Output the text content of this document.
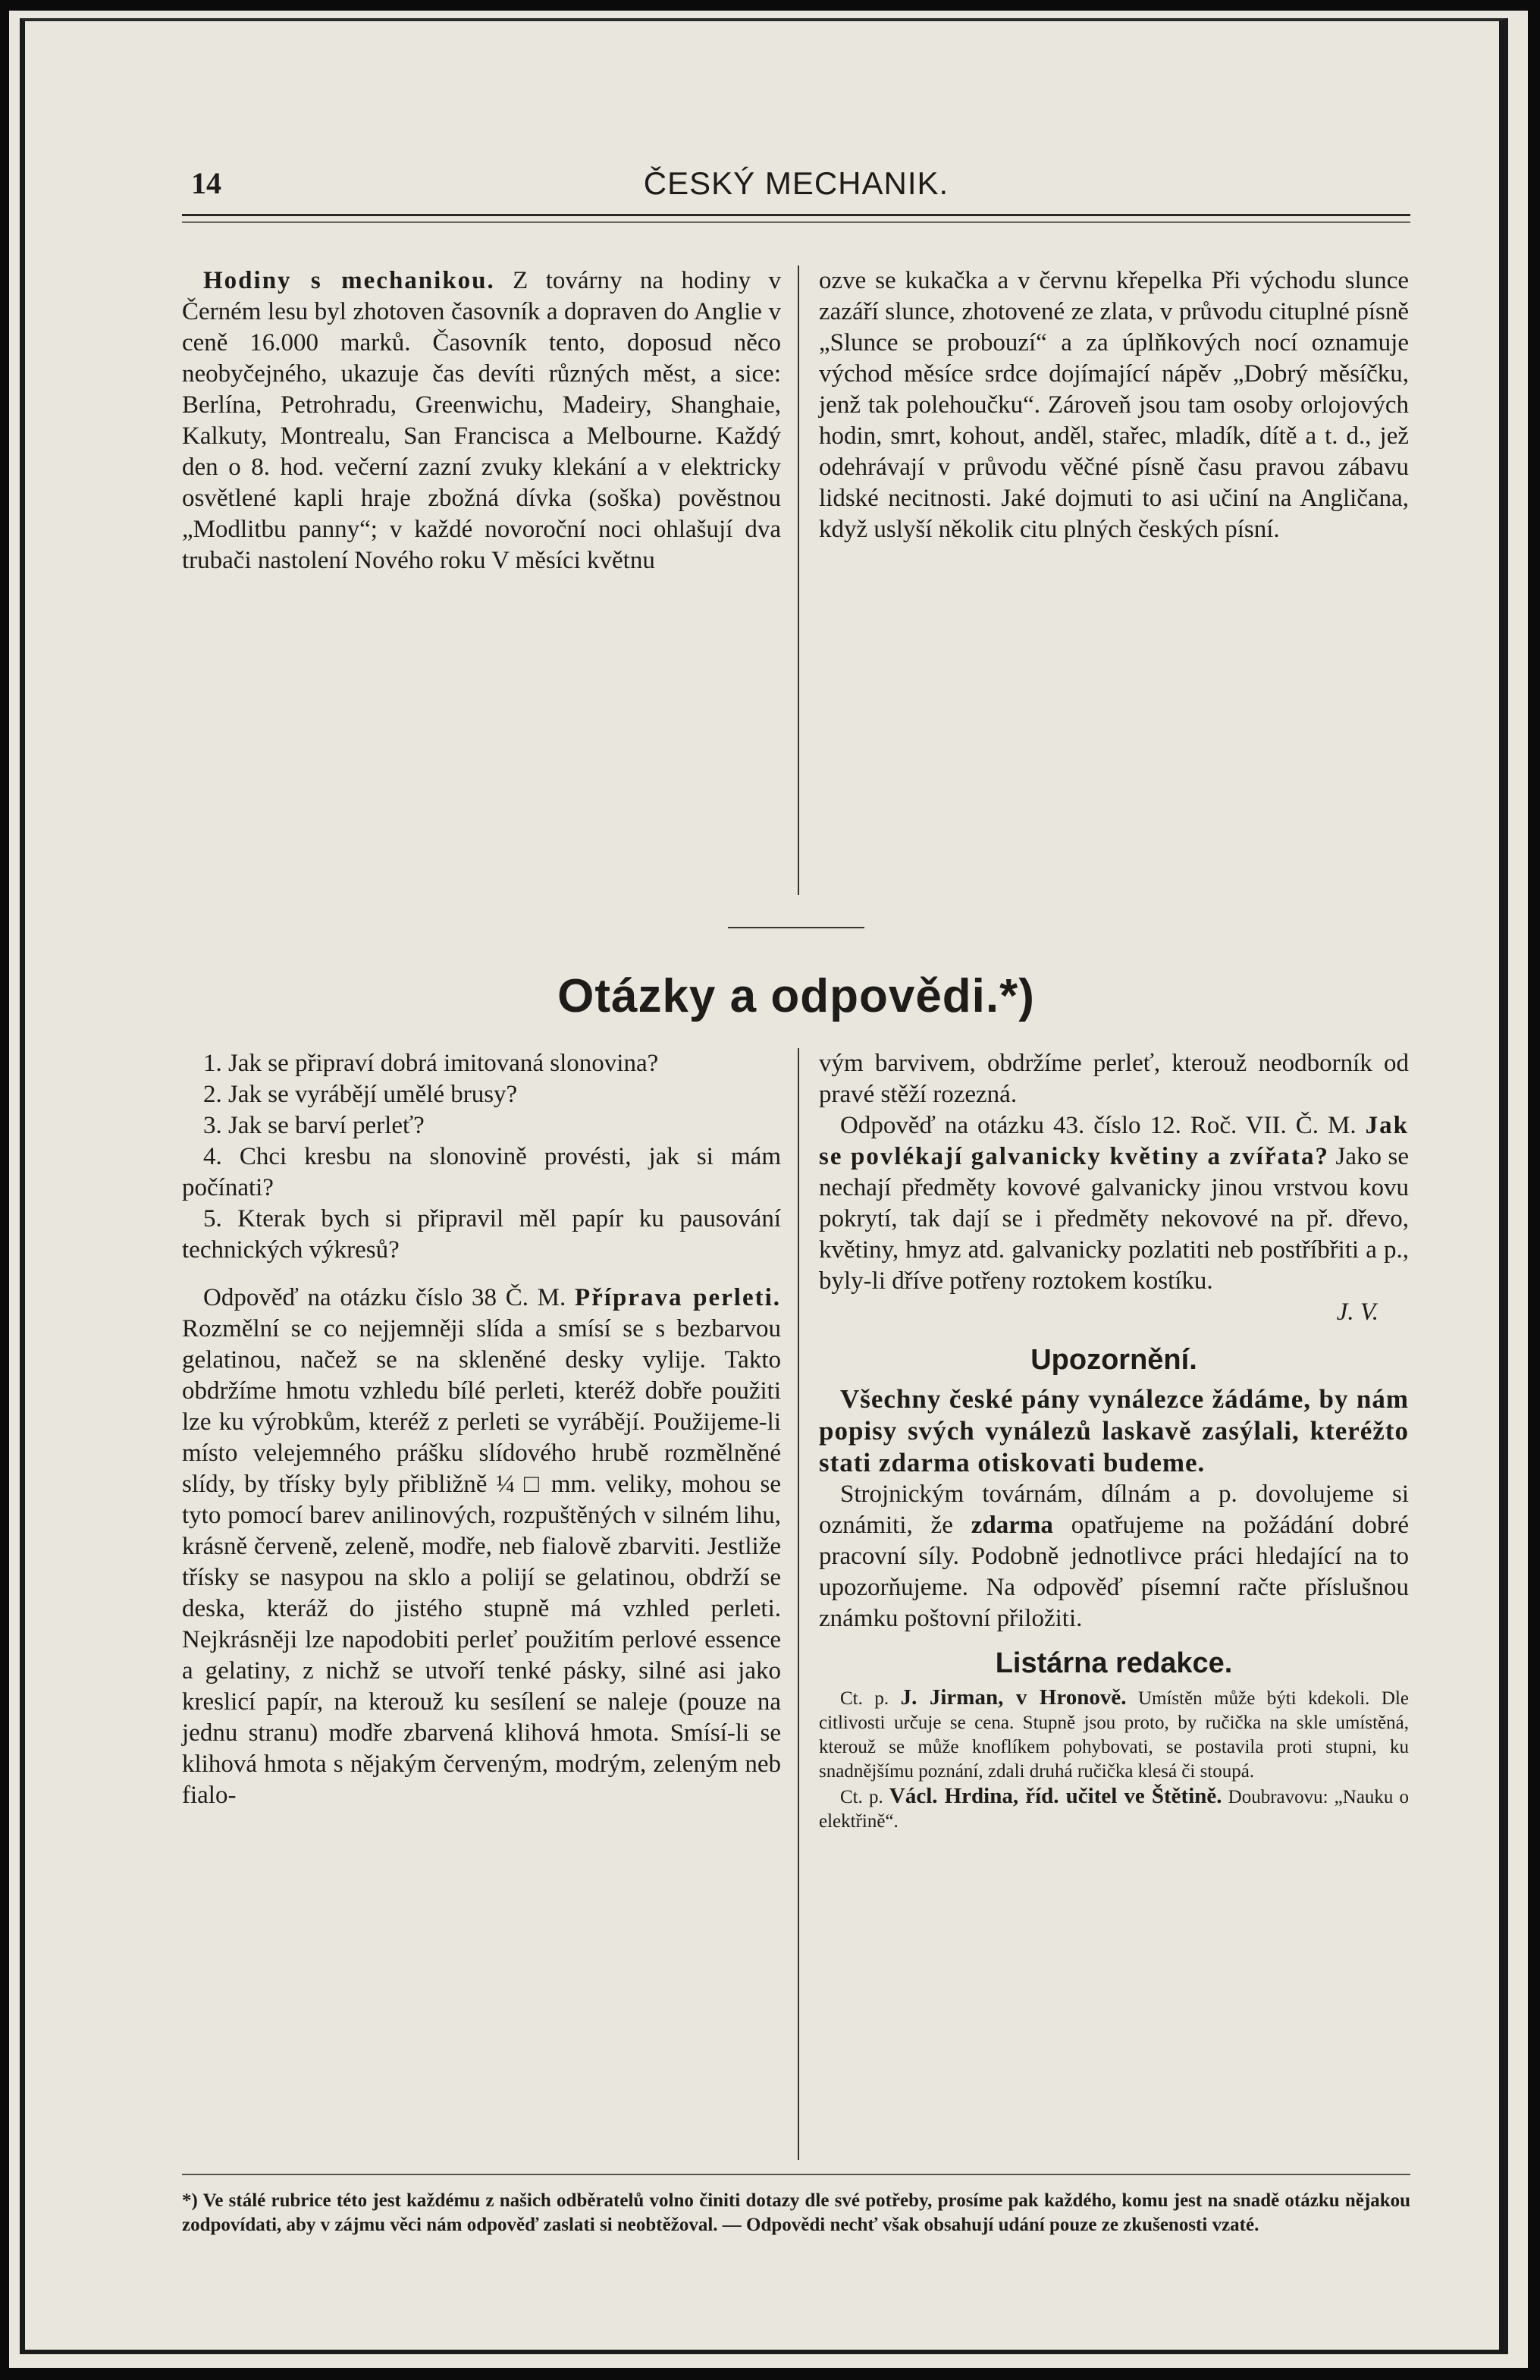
14	ČESKÝ MECHANIK.

Hodiny s mechanikou. Z továrny na hodiny v Černém lesu byl zhotoven časovník a dopraven do Anglie v ceně 16.000 marků. Časovník tento, doposud něco neobyčejného, ukazuje čas devíti různých měst, a sice: Berlína, Petrohradu, Greenwichu, Madeiry, Shanghaie, Kalkuty, Montrealu, San Francisca a Melbourne. Každý den o 8. hod. večerní zazní zvuky klekání a v elektricky osvětlené kapli hraje zbožná dívka (soška) pověstnou „Modlitbu panny“; v každé novoroční noci ohlašují dva trubači nastolení Nového roku V měsíci květnu

ozve se kukačka a v červnu křepelka Při východu slunce zazáří slunce, zhotovené ze zlata, v průvodu cituplné písně „Slunce se probouzí“ a za úplňkových nocí oznamuje východ měsíce srdce dojímající nápěv „Dobrý měsíčku, jenž tak polehoučku“. Zároveň jsou tam osoby orlojových hodin, smrt, kohout, anděl, stařec, mladík, dítě a t. d., jež odehrávají v průvodu věčné písně času pravou zábavu lidské necitnosti. Jaké dojmuti to asi učiní na Angličana, když uslyší několik citu plných českých písní.

Otázky a odpovědi.*)

1. Jak se připraví dobrá imitovaná slonovina?

2. Jak se vyrábějí umělé brusy?

3. Jak se barví perleť?

4. Chci kresbu na slonovině provésti, jak si mám počínati?

5. Kterak bych si připravil měl papír ku pausování technických výkresů?

Odpověď na otázku číslo 38 Č. M. Příprava perleti. Rozmělní se co nejjemněji slída a smísí se s bezbarvou gelatinou, načež se na skleněné desky vylije. Takto obdržíme hmotu vzhledu bílé perleti, kteréž dobře použiti lze ku výrobkům, kteréž z perleti se vyrábějí. Použijeme-li místo velejemného prášku slídového hrubě rozmělněné slídy, by třísky byly přibližně ¼ □ mm. veliky, mohou se tyto pomocí barev anilinových, rozpuštěných v silném lihu, krásně červeně, zeleně, modře, neb fialově zbarviti. Jestliže třísky se nasypou na sklo a polijí se gelatinou, obdrží se deska, kteráž do jistého stupně má vzhled perleti. Nejkrásněji lze napodobiti perleť použitím perlové essence a gelatiny, z nichž se utvoří tenké pásky, silné asi jako kreslicí papír, na kterouž ku sesílení se naleje (pouze na jednu stranu) modře zbarvená klihová hmota. Smísí-li se klihová hmota s nějakým červeným, modrým, zeleným neb fialo-

vým barvivem, obdržíme perleť, kterouž neodborník od pravé stěží rozezná.

Odpověď na otázku 43. číslo 12. Roč. VII. Č. M. Jak se povlékají galvanicky květiny a zvířata? Jako se nechají předměty kovové galvanicky jinou vrstvou kovu pokrytí, tak dají se i předměty nekovové na př. dřevo, květiny, hmyz atd. galvanicky pozlatiti neb postříbřiti a p., byly-li dříve potřeny roztokem kostíku.

J. V.
Upozornění.

Všechny české pány vynálezce žádáme, by nám popisy svých vynálezů laskavě zasýlali, kteréžto stati zdarma otiskovati budeme.

Strojnickým továrnám, dílnám a p. dovolujeme si oznámiti, že zdarma opatřujeme na požádání dobré pracovní síly. Podobně jednotlivce práci hledající na to upozorňujeme. Na odpověď písemní račte příslušnou známku poštovní přiložiti.

Listárna redakce.

Ct. p. J. Jirman, v Hronově. Umístěn může býti kdekoli. Dle citlivosti určuje se cena. Stupně jsou proto, by ručička na skle umístěná, kterouž se může knoflíkem pohybovati, se postavila proti stupni, ku snadnějšímu poznání, zdali druhá ručička klesá či stoupá.

Ct. p. Václ. Hrdina, říd. učitel ve Štětině. Doubravovu: „Nauku o elektřině“.

*) Ve stálé rubrice této jest každému z našich odběratelů volno činiti dotazy dle své potřeby, prosíme pak každého, komu jest na snadě otázku nějakou zodpovídati, aby v zájmu věci nám odpověď zaslati si neobtěžoval. — Odpovědi nechť však obsahují udání pouze ze zkušenosti vzaté.
